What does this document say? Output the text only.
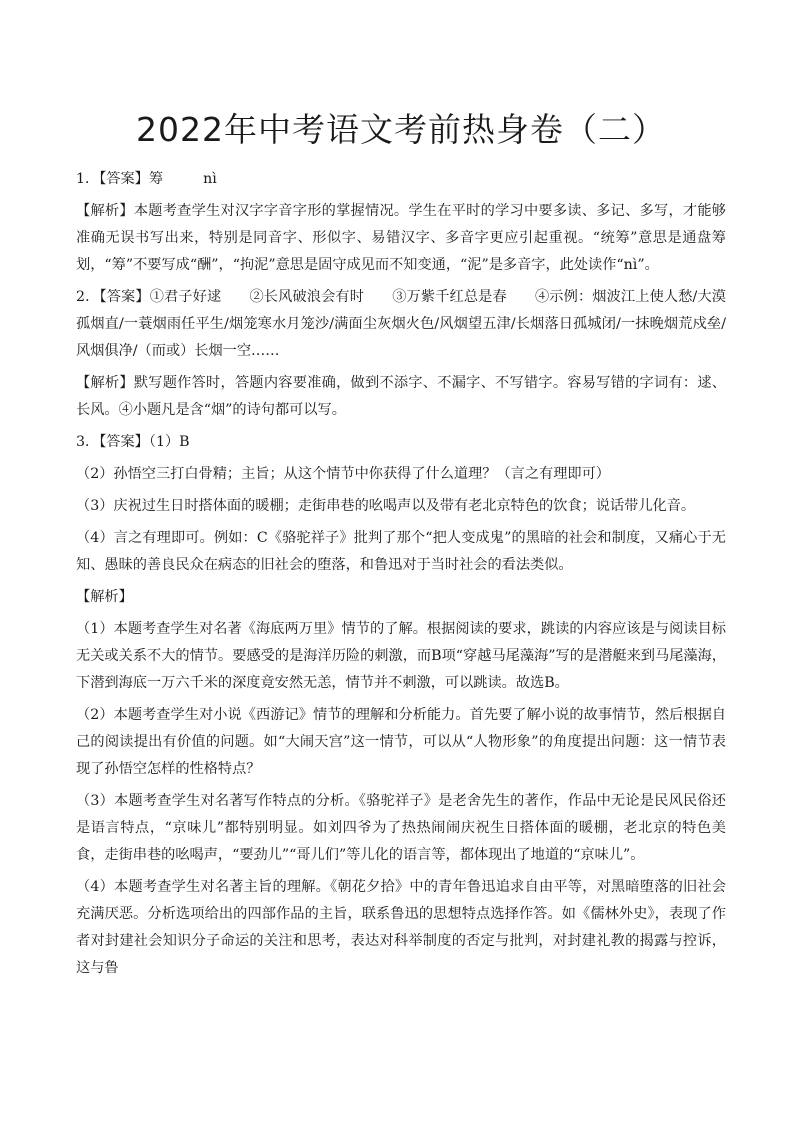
2022年中考语文考前热身卷（二）
1．【答案】筹	nì
【解析】本题考查学生对汉字字音字形的掌握情况。学生在平时的学习中要多读、多记、多写，才能够准确无误书写出来，特别是同音字、形似字、易错汉字、多音字更应引起重视。“统筹”意思是通盘筹划，“筹”不要写成“酬”，“拘泥”意思是固守成见而不知变通，“泥”是多音字，此处读作“nì”。
2．【答案】①君子好逑 ②长风破浪会有时 ③万紫千红总是春 ④示例：烟波江上使人愁/大漠孤烟直/一蓑烟雨任平生/烟笼寒水月笼沙/满面尘灰烟火色/风烟望五津/长烟落日孤城闭/一抹晚烟荒戍垒/风烟俱净/（而或）长烟一空……
【解析】默写题作答时，答题内容要准确，做到不添字、不漏字、不写错字。容易写错的字词有：逑、长风。④小题凡是含“烟”的诗句都可以写。
3．【答案】（1）B
（2）孙悟空三打白骨精；主旨；从这个情节中你获得了什么道理？（言之有理即可）
（3）庆祝过生日时搭体面的暖棚；走街串巷的吆喝声以及带有老北京特色的饮食；说话带儿化音。
（4）言之有理即可。例如：C《骆驼祥子》批判了那个“把人变成鬼”的黑暗的社会和制度，又痛心于无知、愚昧的善良民众在病态的旧社会的堕落，和鲁迅对于当时社会的看法类似。
【解析】
（1）本题考查学生对名著《海底两万里》情节的了解。根据阅读的要求，跳读的内容应该是与阅读目标无关或关系不大的情节。要感受的是海洋历险的刺激，而B项“穿越马尾藻海”写的是潜艇来到马尾藻海，下潜到海底一万六千米的深度竟安然无恙，情节并不刺激，可以跳读。故选B。
（2）本题考查学生对小说《西游记》情节的理解和分析能力。首先要了解小说的故事情节，然后根据自己的阅读提出有价值的问题。如“大闹天宫”这一情节，可以从“人物形象”的角度提出问题：这一情节表现了孙悟空怎样的性格特点？
（3）本题考查学生对名著写作特点的分析。《骆驼祥子》是老舍先生的著作，作品中无论是民风民俗还是语言特点，“京味儿”都特别明显。如刘四爷为了热热闹闹庆祝生日搭体面的暖棚，老北京的特色美食，走街串巷的吆喝声，“要劲儿”“哥儿们”等儿化的语言等，都体现出了地道的“京味儿”。
（4）本题考查学生对名著主旨的理解。《朝花夕拾》中的青年鲁迅追求自由平等，对黑暗堕落的旧社会充满厌恶。分析选项给出的四部作品的主旨，联系鲁迅的思想特点选择作答。如《儒林外史》，表现了作者对封建社会知识分子命运的关注和思考，表达对科举制度的否定与批判，对封建礼教的揭露与控诉，这与鲁
